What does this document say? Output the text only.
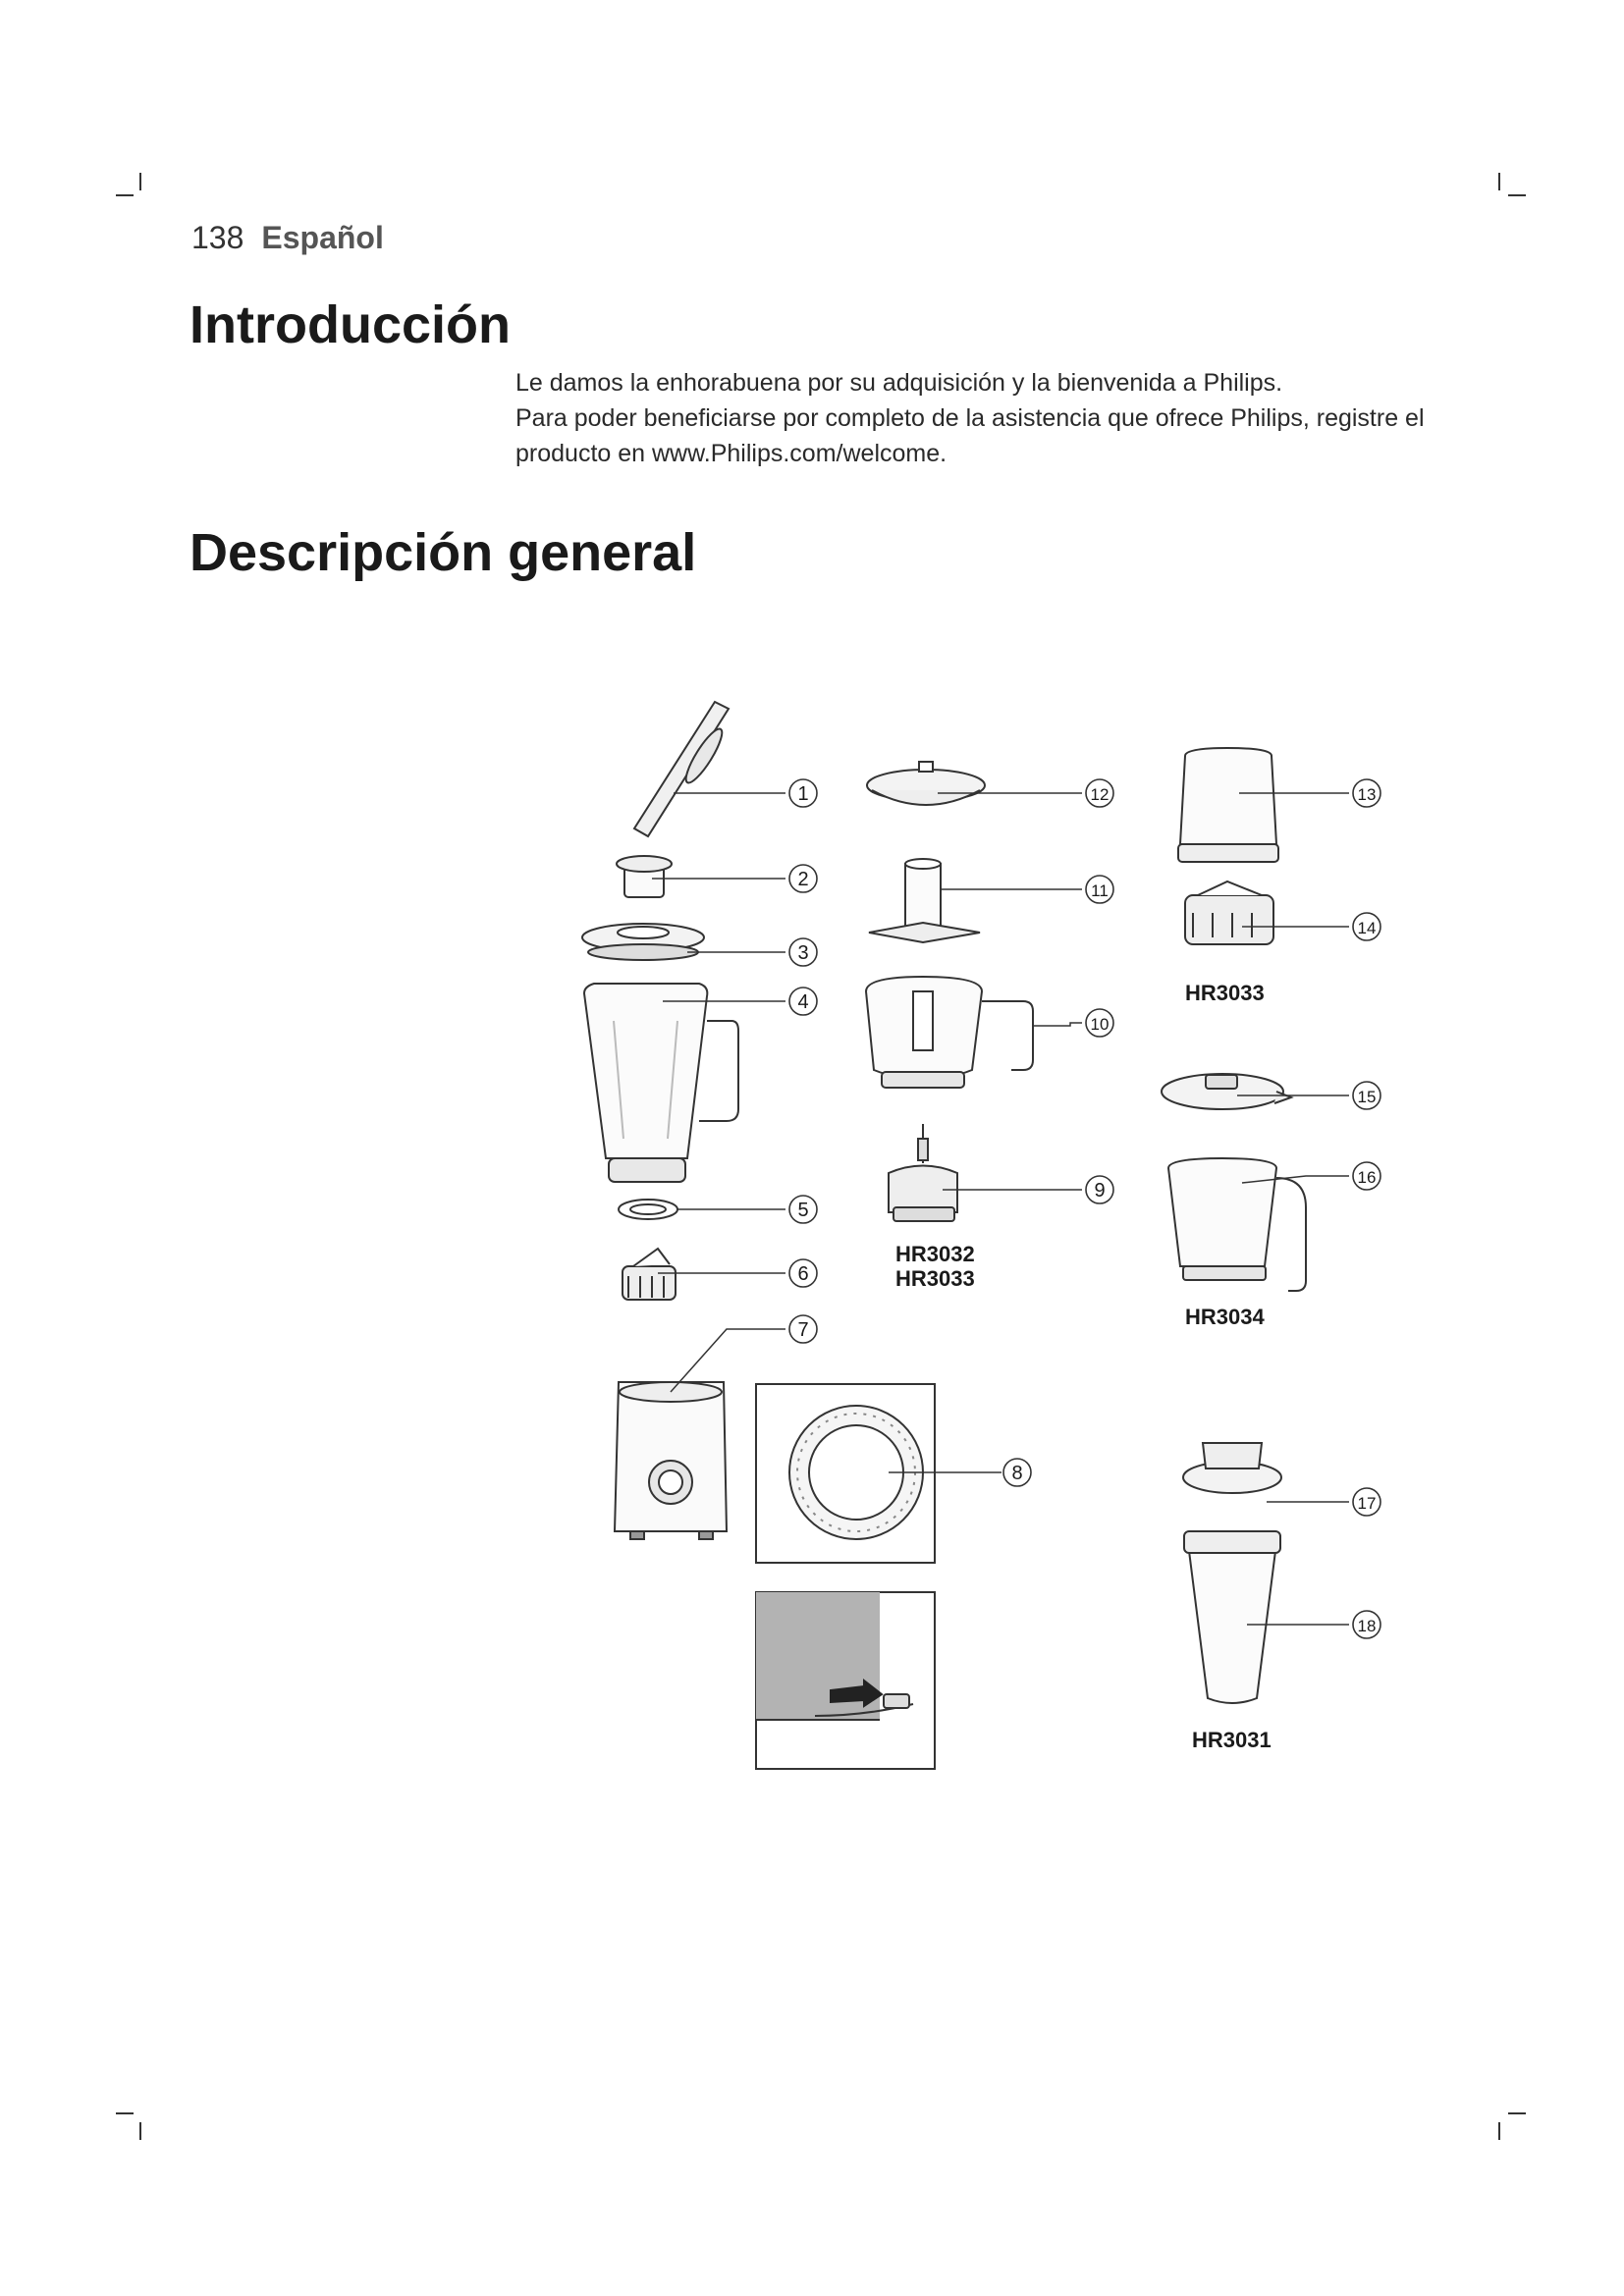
138 Español
Introducción

Le damos la enhorabuena por su adquisición y la bienvenida a Philips.

Para poder beneficiarse por completo de la asistencia que ofrece Philips, registre el producto en www.Philips.com/welcome.

Descripción general
1
2
3
4
5
6
7
8
9
10
11
12	13
14
15
16
17
18
HR3032
HR3033
HR3033
HR3034
HR3031
